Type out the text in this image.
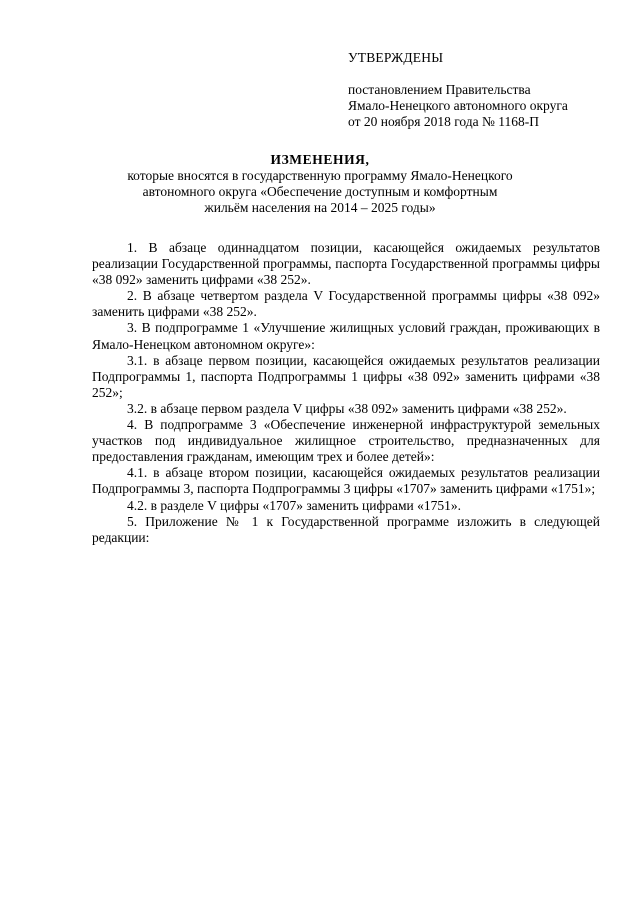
УТВЕРЖДЕНЫ
постановлением Правительства
Ямало-Ненецкого автономного округа
от 20 ноября 2018 года № 1168-П
ИЗМЕНЕНИЯ,
которые вносятся в государственную программу Ямало-Ненецкого
автономного округа «Обеспечение доступным и комфортным
жильём населения на 2014 – 2025 годы»

1. В абзаце одиннадцатом позиции, касающейся ожидаемых результатов реализации Государственной программы, паспорта Государственной программы цифры «38 092» заменить цифрами «38 252».

2. В абзаце четвертом раздела V Государственной программы цифры «38 092» заменить цифрами «38 252».

3. В подпрограмме 1 «Улучшение жилищных условий граждан, проживающих в Ямало-Ненецком автономном округе»:

3.1. в абзаце первом позиции, касающейся ожидаемых результатов реализации Подпрограммы 1, паспорта Подпрограммы 1 цифры «38 092» заменить цифрами «38 252»;

3.2. в абзаце первом раздела V цифры «38 092» заменить цифрами «38 252».

4. В подпрограмме 3 «Обеспечение инженерной инфраструктурой земельных участков под индивидуальное жилищное строительство, предназначенных для предоставления гражданам, имеющим трех и более детей»:

4.1. в абзаце втором позиции, касающейся ожидаемых результатов реализации Подпрограммы 3, паспорта Подпрограммы 3 цифры «1707» заменить цифрами «1751»;

4.2. в разделе V цифры «1707» заменить цифрами «1751».

5. Приложение № 1 к Государственной программе изложить в следующей редакции:
